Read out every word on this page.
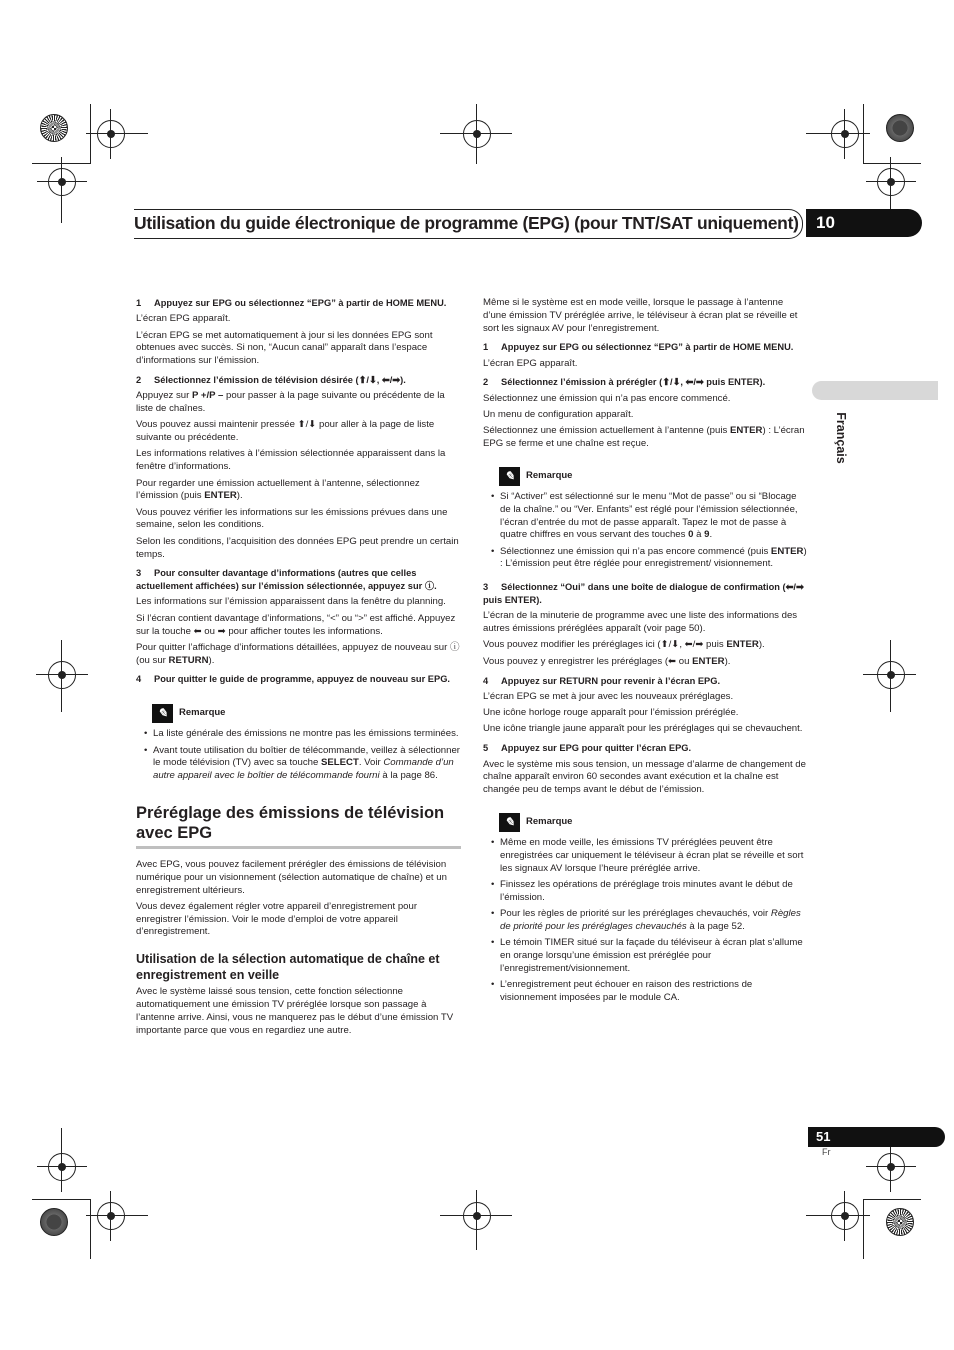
Utilisation du guide électronique de programme (EPG) (pour TNT/SAT uniquement)	10
Français

1 Appuyez sur EPG ou sélectionnez “EPG” à partir de HOME MENU.

L’écran EPG apparaît.

L’écran EPG se met automatiquement à jour si les données EPG sont obtenues avec succès. Si non, “Aucun canal” apparaît dans l’espace d’informations sur l’émission.

2 Sélectionnez l’émission de télévision désirée (⬆/⬇, ⬅/➡).

Appuyez sur P +/P – pour passer à la page suivante ou précédente de la liste de chaînes.

Vous pouvez aussi maintenir pressée ⬆/⬇ pour aller à la page de liste suivante ou précédente.

Les informations relatives à l’émission sélectionnée apparaissent dans la fenêtre d’informations.

Pour regarder une émission actuellement à l’antenne, sélectionnez l’émission (puis ENTER).

Vous pouvez vérifier les informations sur les émissions prévues dans une semaine, selon les conditions.

Selon les conditions, l’acquisition des données EPG peut prendre un certain temps.

3 Pour consulter davantage d’informations (autres que celles actuellement affichées) sur l’émission sélectionnée, appuyez sur ⓘ.

Les informations sur l’émission apparaissent dans la fenêtre du planning.

Si l’écran contient davantage d’informations, “<” ou “>” est affiché. Appuyez sur la touche ⬅ ou ➡ pour afficher toutes les informations.

Pour quitter l’affichage d’informations détaillées, appuyez de nouveau sur ⓘ (ou sur RETURN).

4 Pour quitter le guide de programme, appuyez de nouveau sur EPG.

✎	Remarque

• La liste générale des émissions ne montre pas les émissions terminées.

• Avant toute utilisation du boîtier de télécommande, veillez à sélectionner le mode télévision (TV) avec sa touche SELECT. Voir Commande d’un autre appareil avec le boîtier de télécommande fourni à la page 86.

Préréglage des émissions de télévision avec EPG

Avec EPG, vous pouvez facilement prérégler des émissions de télévision numérique pour un visionnement (sélection automatique de chaîne) et un enregistrement ultérieurs.

Vous devez également régler votre appareil d’enregistrement pour enregistrer l’émission. Voir le mode d’emploi de votre appareil d’enregistrement.

Utilisation de la sélection automatique de chaîne et enregistrement en veille

Avec le système laissé sous tension, cette fonction sélectionne automatiquement une émission TV préréglée lorsque son passage à l’antenne arrive. Ainsi, vous ne manquerez pas le début d’une émission TV importante parce que vous en regardiez une autre.

Même si le système est en mode veille, lorsque le passage à l’antenne d’une émission TV préréglée arrive, le téléviseur à écran plat se réveille et sort les signaux AV pour l’enregistrement.

1 Appuyez sur EPG ou sélectionnez “EPG” à partir de HOME MENU.

L’écran EPG apparaît.

2 Sélectionnez l’émission à prérégler (⬆/⬇, ⬅/➡ puis ENTER).

Sélectionnez une émission qui n’a pas encore commencé.

Un menu de configuration apparaît.

Sélectionnez une émission actuellement à l’antenne (puis ENTER) : L’écran EPG se ferme et une chaîne est reçue.

✎	Remarque

• Si “Activer” est sélectionné sur le menu “Mot de passe” ou si “Blocage de la chaîne.” ou “Ver. Enfants” est réglé pour l’émission sélectionnée, l’écran d’entrée du mot de passe apparaît. Tapez le mot de passe à quatre chiffres en vous servant des touches 0 à 9.

• Sélectionnez une émission qui n’a pas encore commencé (puis ENTER) : L’émission peut être réglée pour enregistrement/ visionnement.

3 Sélectionnez “Oui” dans une boîte de dialogue de confirmation (⬅/➡ puis ENTER).

L’écran de la minuterie de programme avec une liste des informations des autres émissions préréglées apparaît (voir page 50).

Vous pouvez modifier les préréglages ici (⬆/⬇, ⬅/➡ puis ENTER).

Vous pouvez y enregistrer les préréglages (⬅ ou ENTER).

4 Appuyez sur RETURN pour revenir à l’écran EPG.

L’écran EPG se met à jour avec les nouveaux préréglages.

Une icône horloge rouge apparaît pour l’émission préréglée.

Une icône triangle jaune apparaît pour les préréglages qui se chevauchent.

5 Appuyez sur EPG pour quitter l’écran EPG.

Avec le système mis sous tension, un message d’alarme de changement de chaîne apparaît environ 60 secondes avant exécution et la chaîne est changée peu de temps avant le début de l’émission.

✎	Remarque

• Même en mode veille, les émissions TV préréglées peuvent être enregistrées car uniquement le téléviseur à écran plat se réveille et sort les signaux AV lorsque l’heure préréglée arrive.

• Finissez les opérations de préréglage trois minutes avant le début de l’émission.

• Pour les règles de priorité sur les préréglages chevauchés, voir Règles de priorité pour les préréglages chevauchés à la page 52.

• Le témoin TIMER situé sur la façade du téléviseur à écran plat s’allume en orange lorsqu’une émission est préréglée pour l’enregistrement/visionnement.

• L’enregistrement peut échouer en raison des restrictions de visionnement imposées par le module CA.

51
Fr
